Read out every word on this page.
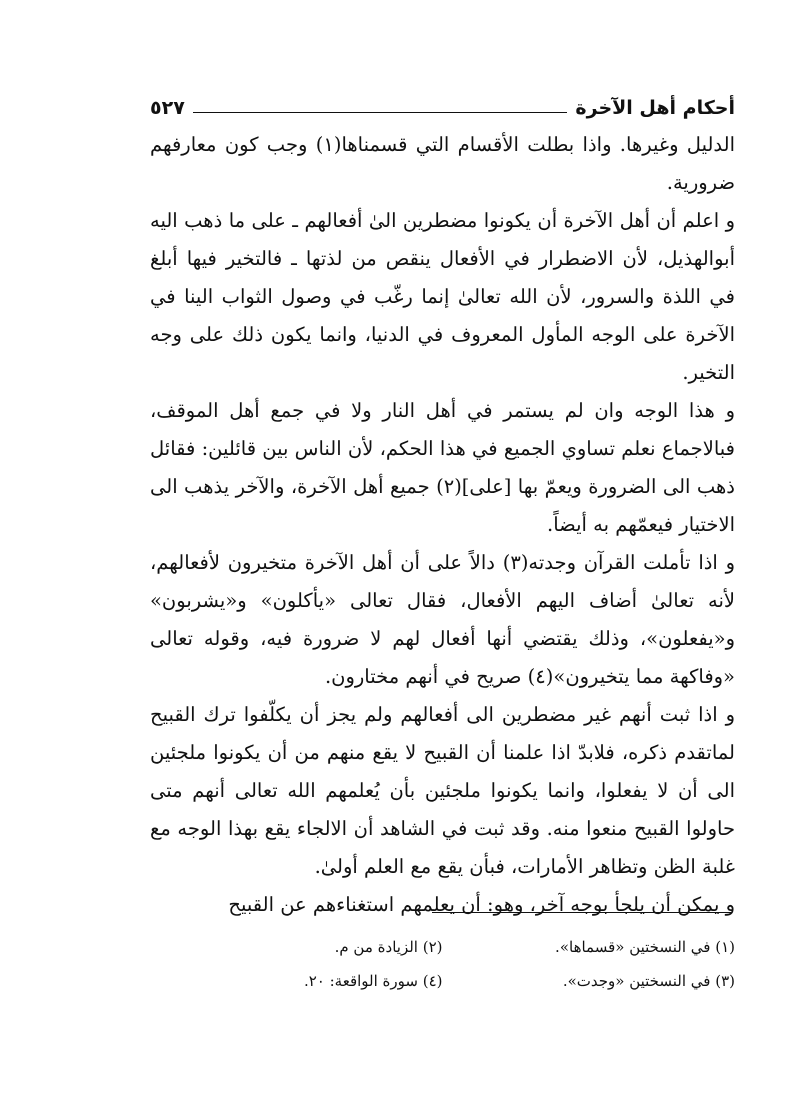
أحكام أهل الآخرة
٥٢٧

الدليل وغيرها. واذا بطلت الأقسام التي قسمناها(١) وجب كون معارفهم ضرورية.

و اعلم أن أهل الآخرة أن يكونوا مضطرين الىٰ أفعالهم ـ على ما ذهب اليه أبوالهذيل، لأن الاضطرار في الأفعال ينقص من لذتها ـ فالتخير فيها أبلغ في اللذة والسرور، لأن الله تعالىٰ إنما رغّب في وصول الثواب الينا في الآخرة على الوجه المأول المعروف في الدنيا، وانما يكون ذلك على وجه التخير.

و هذا الوجه وان لم يستمر في أهل النار ولا في جمع أهل الموقف، فبالاجماع نعلم تساوي الجميع في هذا الحكم، لأن الناس بين قائلين: فقائل ذهب الى الضرورة ويعمّ بها [على](٢) جميع أهل الآخرة، والآخر يذهب الى الاختيار فيعمّهم به أيضاً.

و اذا تأملت القرآن وجدته(٣) دالاً على أن أهل الآخرة متخيرون لأفعالهم، لأنه تعالىٰ أضاف اليهم الأفعال، فقال تعالى «يأكلون» و«يشربون» و«يفعلون»، وذلك يقتضي أنها أفعال لهم لا ضرورة فيه، وقوله تعالى «وفاكهة مما يتخيرون»(٤) صريح في أنهم مختارون.

و اذا ثبت أنهم غير مضطرين الى أفعالهم ولم يجز أن يكلّفوا ترك القبيح لماتقدم ذكره، فلابدّ اذا علمنا أن القبيح لا يقع منهم من أن يكونوا ملجئين الى أن لا يفعلوا، وانما يكونوا ملجئين بأن يُعلمهم الله تعالى أنهم متى حاولوا القبيح منعوا منه. وقد ثبت في الشاهد أن الالجاء يقع بهذا الوجه مع غلبة الظن وتظاهر الأمارات، فبأن يقع مع العلم أولىٰ.

و يمكن أن يلجأ بوجه آخر، وهو: أن يعلمهم استغناءهم عن القبيح

(١) في النسختين «قسماها».
(٢) الزيادة من م.
(٣) في النسختين «وجدت».
(٤) سورة الواقعة: ٢٠.
